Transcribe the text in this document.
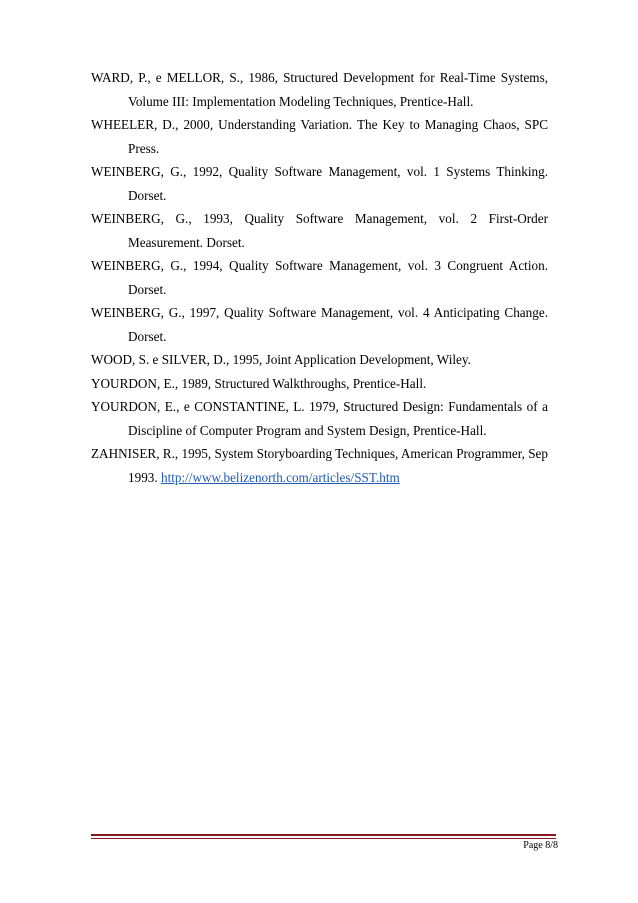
WARD, P., e MELLOR, S., 1986, Structured Development for Real-Time Systems, Volume III: Implementation Modeling Techniques, Prentice-Hall.

WHEELER, D., 2000, Understanding Variation. The Key to Managing Chaos, SPC Press.

WEINBERG, G., 1992, Quality Software Management, vol. 1 Systems Thinking. Dorset.

WEINBERG, G., 1993, Quality Software Management, vol. 2 First-Order Measurement. Dorset.

WEINBERG, G., 1994, Quality Software Management, vol. 3 Congruent Action. Dorset.

WEINBERG, G., 1997, Quality Software Management, vol. 4 Anticipating Change. Dorset.

WOOD, S. e SILVER, D., 1995, Joint Application Development, Wiley.

YOURDON, E., 1989, Structured Walkthroughs, Prentice-Hall.

YOURDON, E., e CONSTANTINE, L. 1979, Structured Design: Fundamentals of a Discipline of Computer Program and System Design, Prentice-Hall.

ZAHNISER, R., 1995, System Storyboarding Techniques, American Programmer, Sep 1993. http://www.belizenorth.com/articles/SST.htm

Page 8/8
